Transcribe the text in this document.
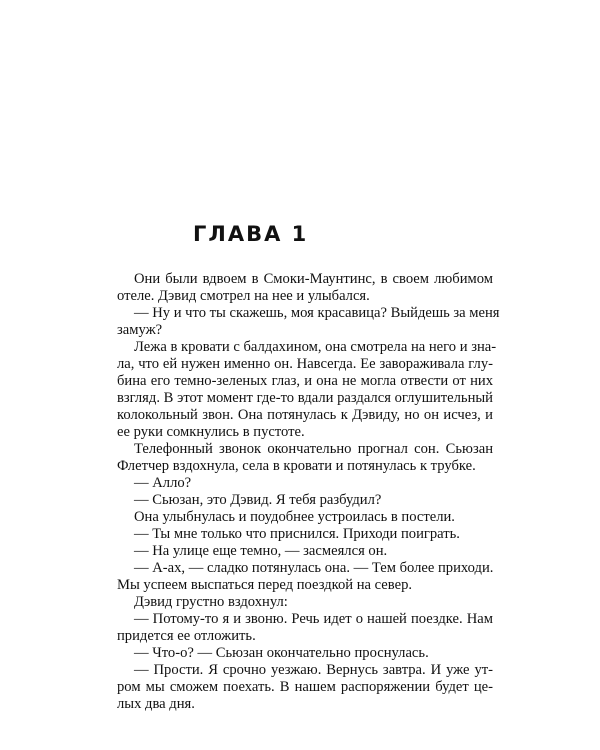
ГЛАВА 1
Они были вдвоем в Смоки-Маунтинс, в своем любимом
отеле. Дэвид смотрел на нее и улыбался.
— Ну и что ты скажешь, моя красавица? Выйдешь за меня
замуж?
Лежа в кровати с балдахином, она смотрела на него и зна-
ла, что ей нужен именно он. Навсегда. Ее завораживала глу-
бина его темно-зеленых глаз, и она не могла отвести от них
взгляд. В этот момент где-то вдали раздался оглушительный
колокольный звон. Она потянулась к Дэвиду, но он исчез, и
ее руки сомкнулись в пустоте.
Телефонный звонок окончательно прогнал сон. Сьюзан
Флетчер вздохнула, села в кровати и потянулась к трубке.
— Алло?
— Сьюзан, это Дэвид. Я тебя разбудил?
Она улыбнулась и поудобнее устроилась в постели.
— Ты мне только что приснился. Приходи поиграть.
— На улице еще темно, — засмеялся он.
— А-ах, — сладко потянулась она. — Тем более приходи.
Мы успеем выспаться перед поездкой на север.
Дэвид грустно вздохнул:
— Потому-то я и звоню. Речь идет о нашей поездке. Нам
придется ее отложить.
— Что-о? — Сьюзан окончательно проснулась.
— Прости. Я срочно уезжаю. Вернусь завтра. И уже ут-
ром мы сможем поехать. В нашем распоряжении будет це-
лых два дня.
